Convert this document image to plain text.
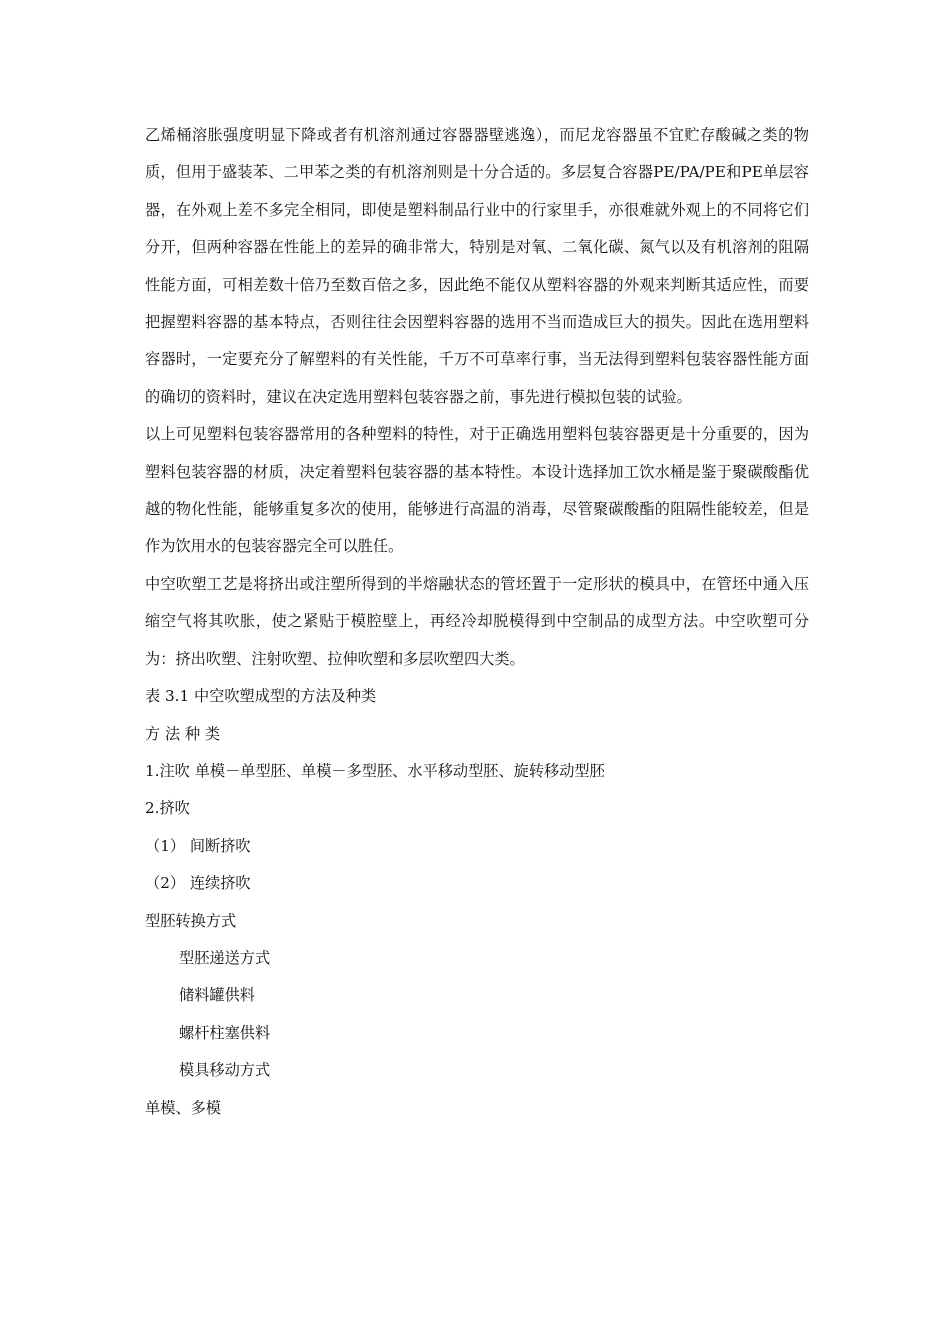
乙烯桶溶胀强度明显下降或者有机溶剂通过容器器壁逃逸），而尼龙容器虽不宜贮存酸碱之类的物质，但用于盛装苯、二甲苯之类的有机溶剂则是十分合适的。多层复合容器PE/PA/PE和PE单层容器，在外观上差不多完全相同，即使是塑料制品行业中的行家里手，亦很难就外观上的不同将它们分开，但两种容器在性能上的差异的确非常大，特别是对氧、二氧化碳、氮气以及有机溶剂的阻隔性能方面，可相差数十倍乃至数百倍之多，因此绝不能仅从塑料容器的外观来判断其适应性，而要把握塑料容器的基本特点，否则往往会因塑料容器的选用不当而造成巨大的损失。因此在选用塑料容器时，一定要充分了解塑料的有关性能，千万不可草率行事，当无法得到塑料包装容器性能方面的确切的资料时，建议在决定选用塑料包装容器之前，事先进行模拟包装的试验。

以上可见塑料包装容器常用的各种塑料的特性，对于正确选用塑料包装容器更是十分重要的，因为塑料包装容器的材质，决定着塑料包装容器的基本特性。本设计选择加工饮水桶是鉴于聚碳酸酯优越的物化性能，能够重复多次的使用，能够进行高温的消毒，尽管聚碳酸酯的阻隔性能较差，但是作为饮用水的包装容器完全可以胜任。

中空吹塑工艺是将挤出或注塑所得到的半熔融状态的管坯置于一定形状的模具中，在管坯中通入压缩空气将其吹胀，使之紧贴于模腔壁上，再经冷却脱模得到中空制品的成型方法。中空吹塑可分为：挤出吹塑、注射吹塑、拉伸吹塑和多层吹塑四大类。

表 3.1 中空吹塑成型的方法及种类

方 法 种 类

1.注吹 单模－单型胚、单模－多型胚、水平移动型胚、旋转移动型胚

2.挤吹

（1） 间断挤吹

（2） 连续挤吹

型胚转换方式

型胚递送方式

储料罐供料

螺杆柱塞供料

模具移动方式

单模、多模
